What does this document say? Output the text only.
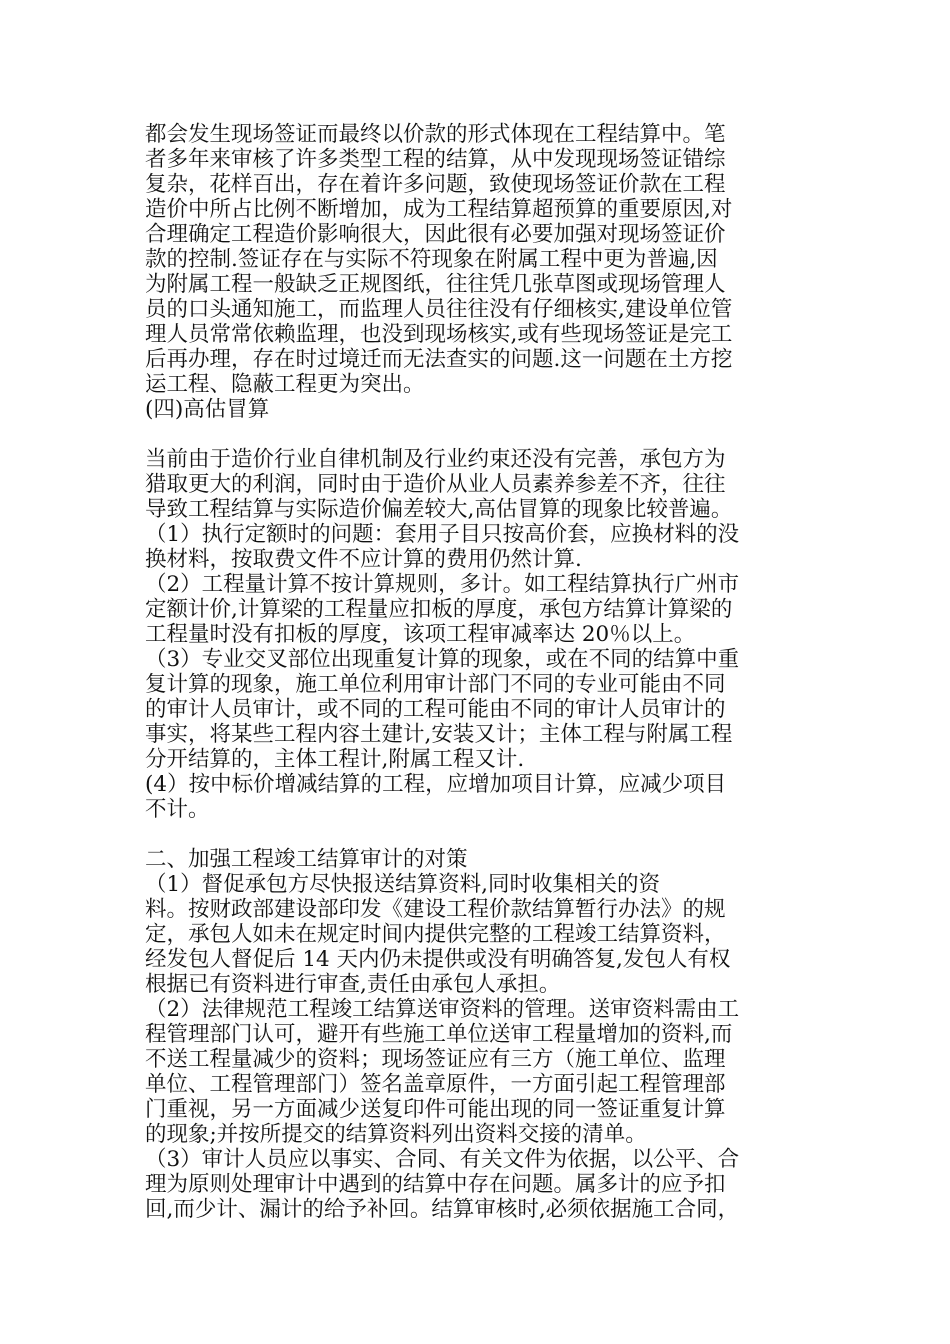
都会发生现场签证而最终以价款的形式体现在工程结算中。笔
者多年来审核了许多类型工程的结算，从中发现现场签证错综
复杂，花样百出，存在着许多问题，致使现场签证价款在工程
造价中所占比例不断增加，成为工程结算超预算的重要原因,对
合理确定工程造价影响很大，因此很有必要加强对现场签证价
款的控制.签证存在与实际不符现象在附属工程中更为普遍,因
为附属工程一般缺乏正规图纸，往往凭几张草图或现场管理人
员的口头通知施工，而监理人员往往没有仔细核实,建设单位管
理人员常常依赖监理，也没到现场核实,或有些现场签证是完工
后再办理，存在时过境迁而无法查实的问题.这一问题在土方挖
运工程、隐蔽工程更为突出。
(四)高估冒算
当前由于造价行业自律机制及行业约束还没有完善，承包方为
猎取更大的利润，同时由于造价从业人员素养参差不齐，往往
导致工程结算与实际造价偏差较大,高估冒算的现象比较普遍。
（1）执行定额时的问题：套用子目只按高价套，应换材料的没
换材料，按取费文件不应计算的费用仍然计算.
（2）工程量计算不按计算规则，多计。如工程结算执行广州市
定额计价,计算梁的工程量应扣板的厚度，承包方结算计算梁的
工程量时没有扣板的厚度，该项工程审减率达 20％以上。
（3）专业交叉部位出现重复计算的现象，或在不同的结算中重
复计算的现象，施工单位利用审计部门不同的专业可能由不同
的审计人员审计，或不同的工程可能由不同的审计人员审计的
事实，将某些工程内容土建计,安装又计；主体工程与附属工程
分开结算的，主体工程计,附属工程又计.
(4）按中标价增减结算的工程，应增加项目计算，应减少项目
不计。
二、加强工程竣工结算审计的对策
（1）督促承包方尽快报送结算资料,同时收集相关的资
料。按财政部建设部印发《建设工程价款结算暂行办法》的规
定，承包人如未在规定时间内提供完整的工程竣工结算资料，
经发包人督促后 14 天内仍未提供或没有明确答复,发包人有权
根据已有资料进行审查,责任由承包人承担。
（2）法律规范工程竣工结算送审资料的管理。送审资料需由工
程管理部门认可，避开有些施工单位送审工程量增加的资料,而
不送工程量减少的资料；现场签证应有三方（施工单位、监理
单位、工程管理部门）签名盖章原件，一方面引起工程管理部
门重视，另一方面减少送复印件可能出现的同一签证重复计算
的现象;并按所提交的结算资料列出资料交接的清单。
（3）审计人员应以事实、合同、有关文件为依据，以公平、合
理为原则处理审计中遇到的结算中存在问题。属多计的应予扣
回,而少计、漏计的给予补回。结算审核时,必须依据施工合同，
